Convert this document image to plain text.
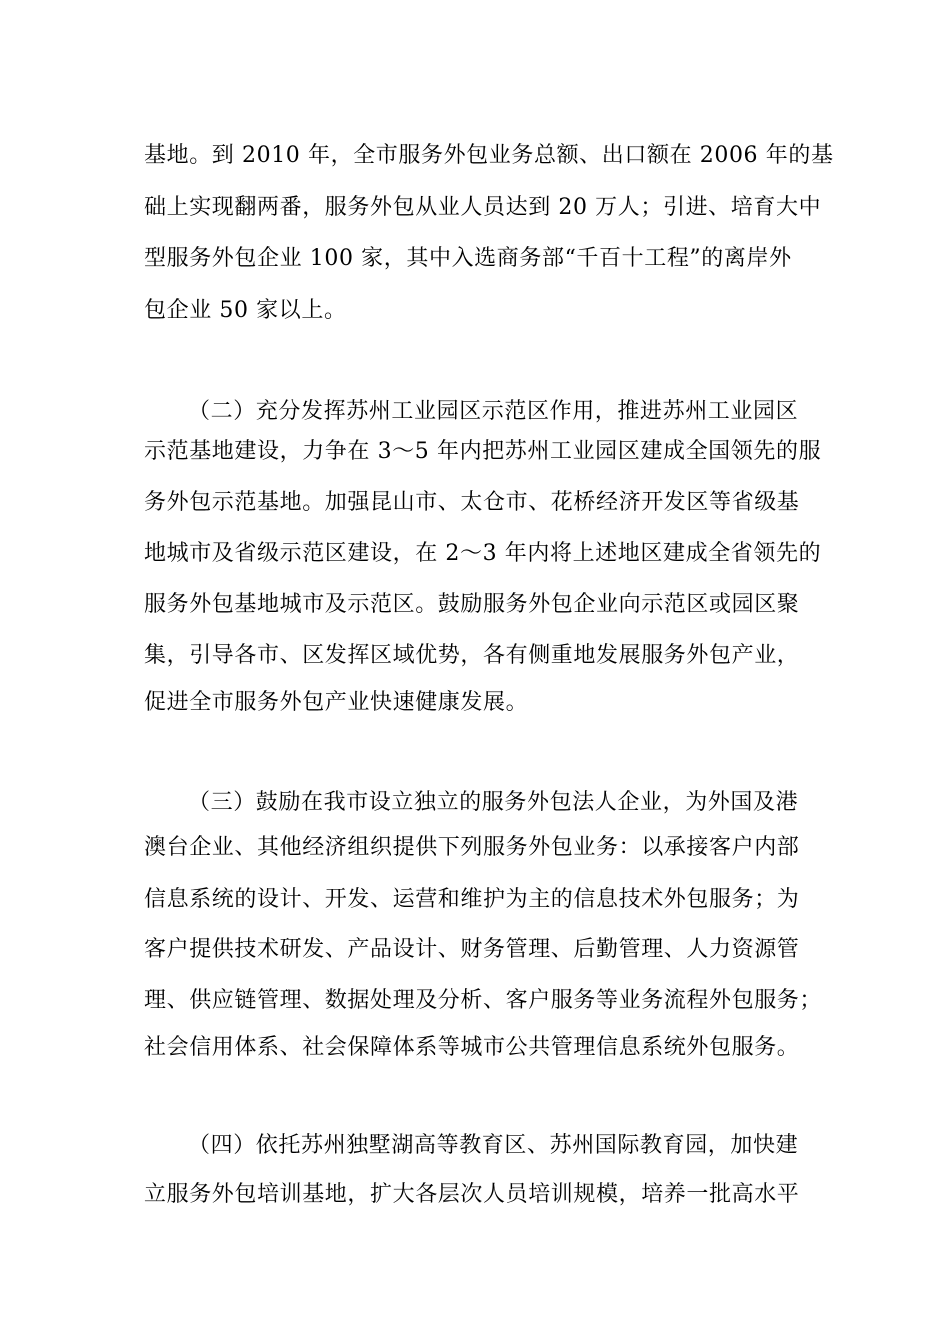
基地。到 2010 年，全市服务外包业务总额、出口额在 2006 年的基
础上实现翻两番，服务外包从业人员达到 20 万人；引进、培育大中
型服务外包企业 100 家，其中入选商务部“千百十工程”的离岸外
包企业 50 家以上。
（二）充分发挥苏州工业园区示范区作用，推进苏州工业园区
示范基地建设，力争在 3～5 年内把苏州工业园区建成全国领先的服
务外包示范基地。加强昆山市、太仓市、花桥经济开发区等省级基
地城市及省级示范区建设，在 2～3 年内将上述地区建成全省领先的
服务外包基地城市及示范区。鼓励服务外包企业向示范区或园区聚
集，引导各市、区发挥区域优势，各有侧重地发展服务外包产业，
促进全市服务外包产业快速健康发展。
（三）鼓励在我市设立独立的服务外包法人企业，为外国及港
澳台企业、其他经济组织提供下列服务外包业务：以承接客户内部
信息系统的设计、开发、运营和维护为主的信息技术外包服务；为
客户提供技术研发、产品设计、财务管理、后勤管理、人力资源管
理、供应链管理、数据处理及分析、客户服务等业务流程外包服务；
社会信用体系、社会保障体系等城市公共管理信息系统外包服务。
（四）依托苏州独墅湖高等教育区、苏州国际教育园，加快建
立服务外包培训基地，扩大各层次人员培训规模，培养一批高水平
